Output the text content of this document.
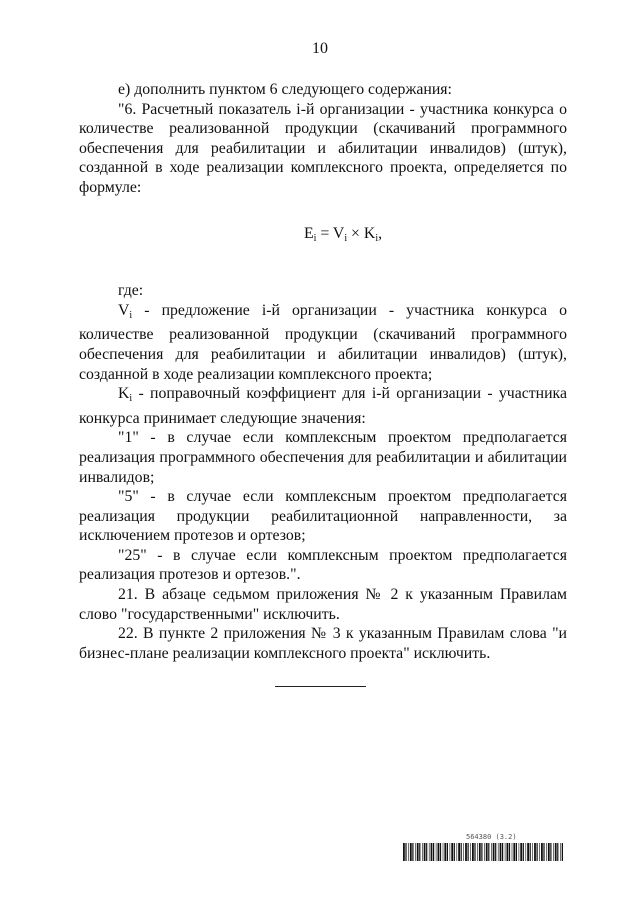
10

е) дополнить пунктом 6 следующего содержания:

"6. Расчетный показатель i-й организации - участника конкурса о количестве реализованной продукции (скачиваний программного обеспечения для реабилитации и абилитации инвалидов) (штук), созданной в ходе реализации комплексного проекта, определяется по формуле:

$E_i = V_i \times K_i$,

где:

$V_i$ - предложение i-й организации - участника конкурса о количестве реализованной продукции (скачиваний программного обеспечения для реабилитации и абилитации инвалидов) (штук), созданной в ходе реализации комплексного проекта;

$K_i$ - поправочный коэффициент для i-й организации - участника конкурса принимает следующие значения:

"1" - в случае если комплексным проектом предполагается реализация программного обеспечения для реабилитации и абилитации инвалидов;

"5" - в случае если комплексным проектом предполагается реализация продукции реабилитационной направленности, за исключением протезов и ортезов;

"25" - в случае если комплексным проектом предполагается реализация протезов и ортезов.".

21. В абзаце седьмом приложения № 2 к указанным Правилам слово "государственными" исключить.

22. В пункте 2 приложения № 3 к указанным Правилам слова "и бизнес-плане реализации комплексного проекта" исключить.

564380 (3.2)
